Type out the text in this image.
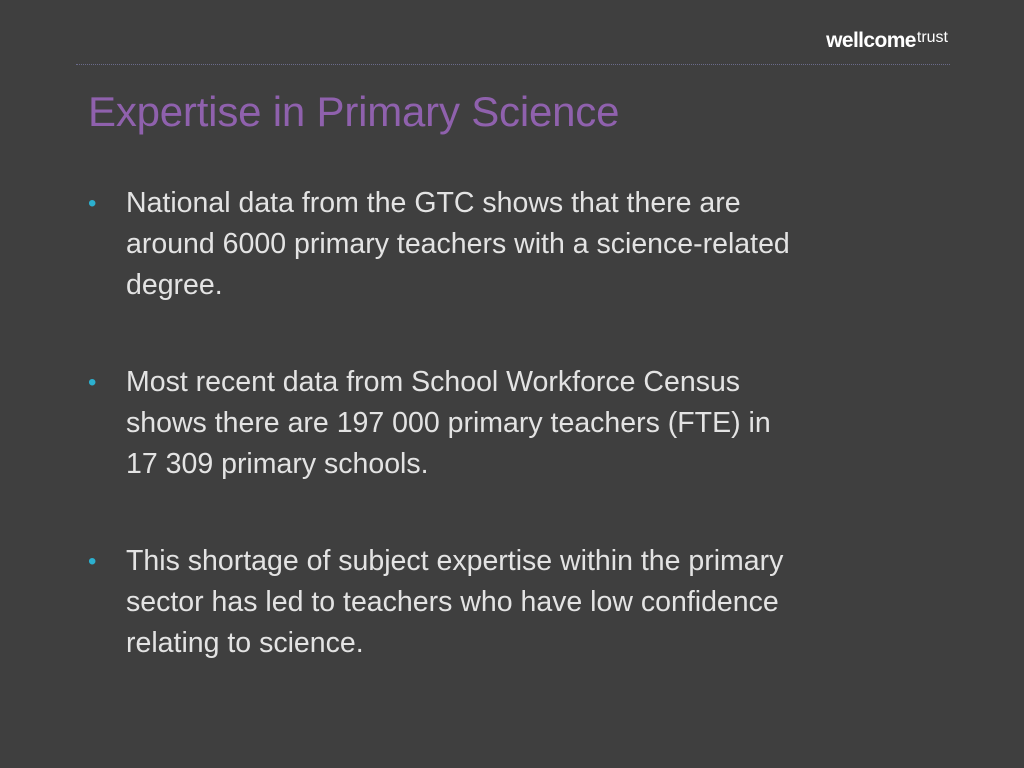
wellcometrust
Expertise in Primary Science
• National data from the GTC shows that there are
around 6000 primary teachers with a science-related
degree.
• Most recent data from School Workforce Census
shows there are 197 000 primary teachers (FTE) in
17 309 primary schools.
• This shortage of subject expertise within the primary
sector has led to teachers who have low confidence
relating to science.
